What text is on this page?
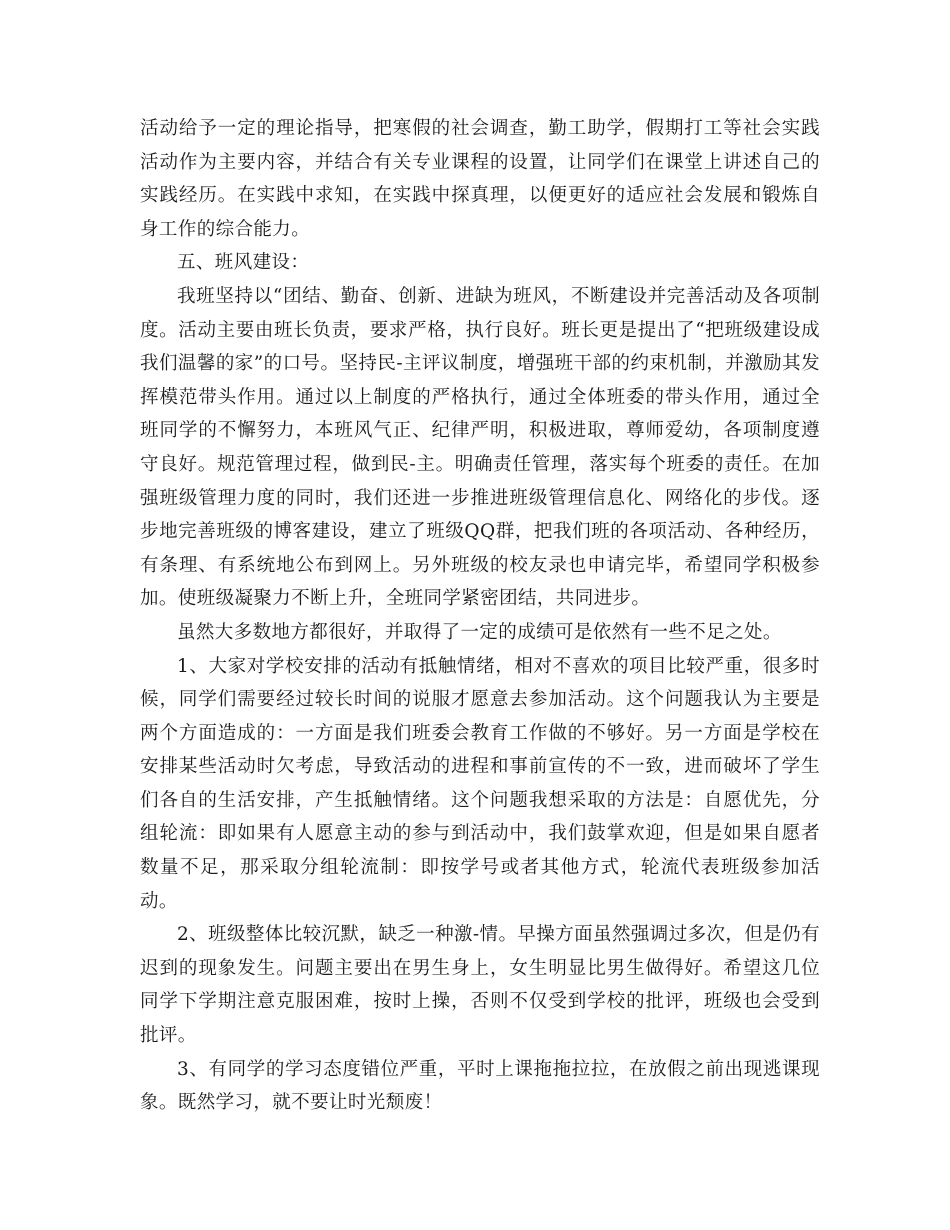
活动给予一定的理论指导，把寒假的社会调查，勤工助学，假期打工等社会实践活动作为主要内容，并结合有关专业课程的设置，让同学们在课堂上讲述自己的实践经历。在实践中求知，在实践中探真理，以便更好的适应社会发展和锻炼自身工作的综合能力。

五、班风建设：

我班坚持以“团结、勤奋、创新、进缺为班风，不断建设并完善活动及各项制度。活动主要由班长负责，要求严格，执行良好。班长更是提出了“把班级建设成我们温馨的家”的口号。坚持民-主评议制度，增强班干部的约束机制，并激励其发挥模范带头作用。通过以上制度的严格执行，通过全体班委的带头作用，通过全班同学的不懈努力，本班风气正、纪律严明，积极进取，尊师爱幼，各项制度遵守良好。规范管理过程，做到民-主。明确责任管理，落实每个班委的责任。在加强班级管理力度的同时，我们还进一步推进班级管理信息化、网络化的步伐。逐步地完善班级的博客建设，建立了班级QQ群，把我们班的各项活动、各种经历，有条理、有系统地公布到网上。另外班级的校友录也申请完毕，希望同学积极参加。使班级凝聚力不断上升，全班同学紧密团结，共同进步。

虽然大多数地方都很好，并取得了一定的成绩可是依然有一些不足之处。

1、大家对学校安排的活动有抵触情绪，相对不喜欢的项目比较严重，很多时候，同学们需要经过较长时间的说服才愿意去参加活动。这个问题我认为主要是两个方面造成的：一方面是我们班委会教育工作做的不够好。另一方面是学校在安排某些活动时欠考虑，导致活动的进程和事前宣传的不一致，进而破坏了学生们各自的生活安排，产生抵触情绪。这个问题我想采取的方法是：自愿优先，分组轮流：即如果有人愿意主动的参与到活动中，我们鼓掌欢迎，但是如果自愿者数量不足，那采取分组轮流制：即按学号或者其他方式，轮流代表班级参加活动。

2、班级整体比较沉默，缺乏一种激-情。早操方面虽然强调过多次，但是仍有迟到的现象发生。问题主要出在男生身上，女生明显比男生做得好。希望这几位同学下学期注意克服困难，按时上操，否则不仅受到学校的批评，班级也会受到批评。

3、有同学的学习态度错位严重，平时上课拖拖拉拉，在放假之前出现逃课现象。既然学习，就不要让时光颓废！
